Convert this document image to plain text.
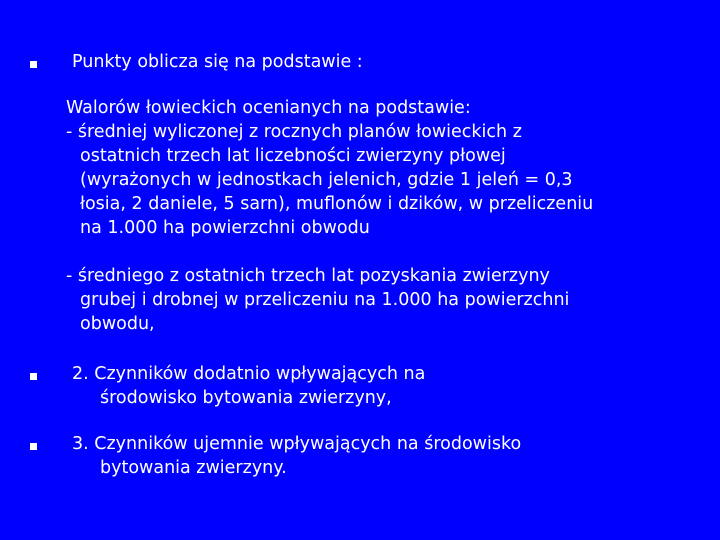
Punkty oblicza się na podstawie :

Walorów łowieckich ocenianych na podstawie:

- średniej wyliczonej z rocznych planów łowieckich z

ostatnich trzech lat liczebności zwierzyny płowej

(wyrażonych w jednostkach jelenich, gdzie 1 jeleń = 0,3

łosia, 2 daniele, 5 sarn), muflonów i dzików, w przeliczeniu

na 1.000 ha powierzchni obwodu

- średniego z ostatnich trzech lat pozyskania zwierzyny

grubej i drobnej w przeliczeniu na 1.000 ha powierzchni

obwodu,

2. Czynników dodatnio wpływających na

środowisko bytowania zwierzyny,

3. Czynników ujemnie wpływających na środowisko

bytowania zwierzyny.
